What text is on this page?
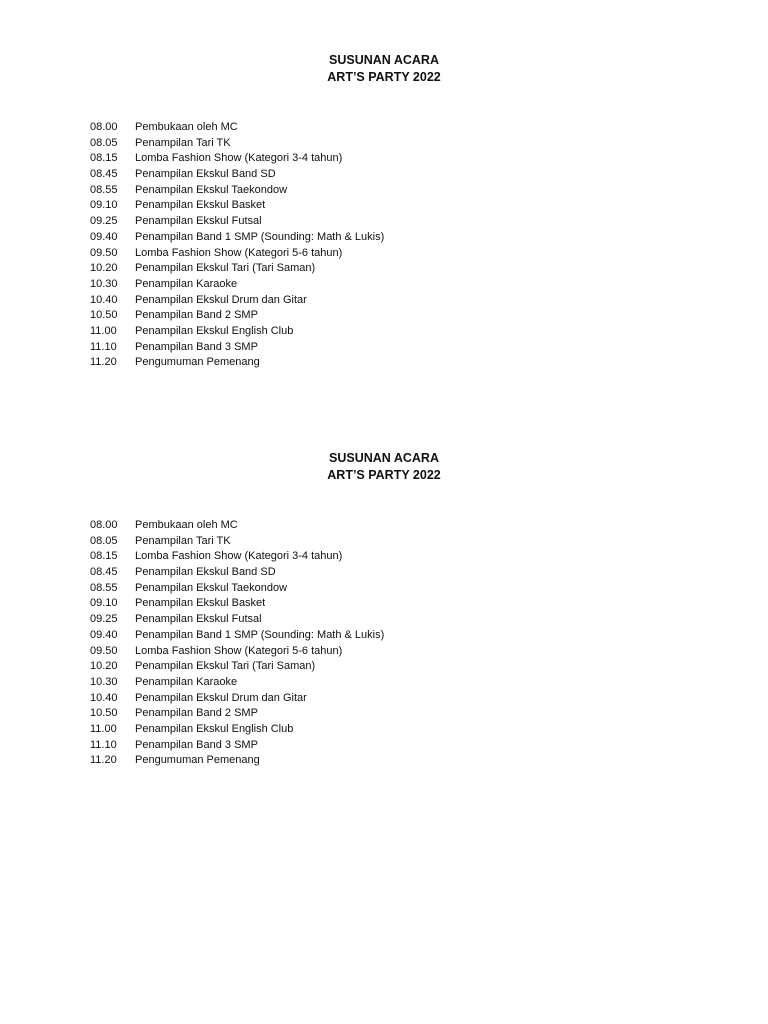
SUSUNAN ACARA

ART’S PARTY 2022

08.00	Pembukaan oleh MC
08.05	Penampilan Tari TK
08.15	Lomba Fashion Show (Kategori 3-4 tahun)
08.45	Penampilan Ekskul Band SD
08.55	Penampilan Ekskul Taekondow
09.10	Penampilan Ekskul Basket
09.25	Penampilan Ekskul Futsal
09.40	Penampilan Band 1 SMP (Sounding: Math & Lukis)
09.50	Lomba Fashion Show (Kategori 5-6 tahun)
10.20	Penampilan Ekskul Tari (Tari Saman)
10.30	Penampilan Karaoke
10.40	Penampilan Ekskul Drum dan Gitar
10.50	Penampilan Band 2 SMP
11.00	Penampilan Ekskul English Club
11.10	Penampilan Band 3 SMP
11.20	Pengumuman Pemenang

SUSUNAN ACARA

ART’S PARTY 2022

08.00	Pembukaan oleh MC
08.05	Penampilan Tari TK
08.15	Lomba Fashion Show (Kategori 3-4 tahun)
08.45	Penampilan Ekskul Band SD
08.55	Penampilan Ekskul Taekondow
09.10	Penampilan Ekskul Basket
09.25	Penampilan Ekskul Futsal
09.40	Penampilan Band 1 SMP (Sounding: Math & Lukis)
09.50	Lomba Fashion Show (Kategori 5-6 tahun)
10.20	Penampilan Ekskul Tari (Tari Saman)
10.30	Penampilan Karaoke
10.40	Penampilan Ekskul Drum dan Gitar
10.50	Penampilan Band 2 SMP
11.00	Penampilan Ekskul English Club
11.10	Penampilan Band 3 SMP
11.20	Pengumuman Pemenang
